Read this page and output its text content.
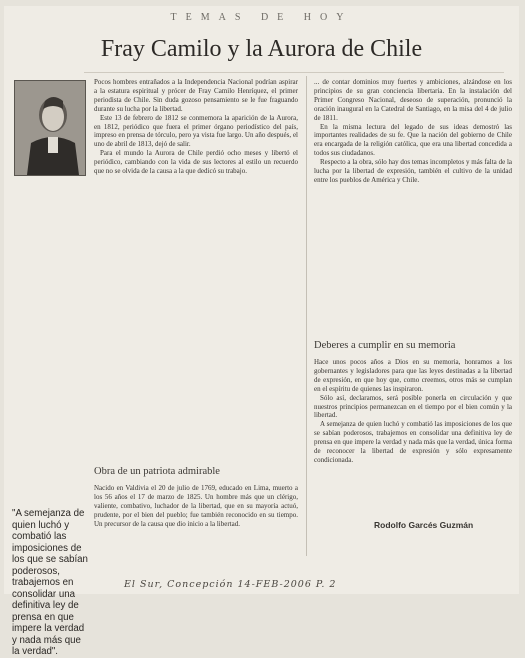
TEMAS DE HOY
Fray Camilo y la Aurora de Chile

Pocos hombres entrañados a la Independencia Nacional podrían aspirar a la estatura espiritual y prócer de Fray Camilo Henríquez, el primer periodista de Chile. Sin duda gozoso pensamiento se le fue fraguando durante su lucha por la libertad.

Este 13 de febrero de 1812 se conmemora la aparición de la Aurora, en 1812, periódico que fuera el primer órgano periodístico del país, impreso en prensa de tórculo, pero ya vista fue largo. Un año después, el uno de abril de 1813, dejó de salir.

Para el mundo la Aurora de Chile perdió ocho meses y libertó el periódico, cambiando con la vida de sus lectores al estilo un recuerdo que no se olvida de la causa a la que dedicó su trabajo.

"A semejanza de quien luchó y combatió las imposiciones de los que se sabían poderosos, trabajemos en consolidar una definitiva ley de prensa en que impere la verdad y nada más que la verdad".
Obra de un patriota admirable

Nacido en Valdivia el 20 de julio de 1769, educado en Lima, muerto a los 56 años el 17 de marzo de 1825. Un hombre más que un clérigo, valiente, combativo, luchador de la libertad, que en su mayoría actuó, prudente, por el bien del pueblo; fue también reconocido en su tiempo. Un precursor de la causa que dio inicio a la libertad.

... de contar dominios muy fuertes y ambiciones, alzándose en los principios de su gran conciencia libertaria. En la instalación del Primer Congreso Nacional, deseoso de superación, pronunció la oración inaugural en la Catedral de Santiago, en la misa del 4 de julio de 1811.

En la misma lectura del legado de sus ideas demostró las importantes realidades de su fe. Que la nación del gobierno de Chile era encargada de la religión católica, que era una libertad concedida a todos sus ciudadanos.

Respecto a la obra, sólo hay dos temas incompletos y más falta de la lucha por la libertad de expresión, también el cultivo de la unidad entre los pueblos de América y Chile.

Deberes a cumplir en su memoria

Hace unos pocos años a Dios en su memoria, honramos a los gobernantes y legisladores para que las leyes destinadas a la libertad de expresión, en que hoy que, como creemos, otros más se cumplan en el espíritu de quienes las inspiraron.

Sólo así, declaramos, será posible ponerla en circulación y que nuestros principios permanezcan en el tiempo por el bien común y la libertad.

A semejanza de quien luchó y combatió las imposiciones de los que se sabían poderosos, trabajemos en consolidar una definitiva ley de prensa en que impere la verdad y nada más que la verdad, única forma de reconocer la libertad de expresión y sólo expresamente condicionada.

Rodolfo Garcés Guzmán
El Sur, Concepción 14-FEB-2006 P. 2
